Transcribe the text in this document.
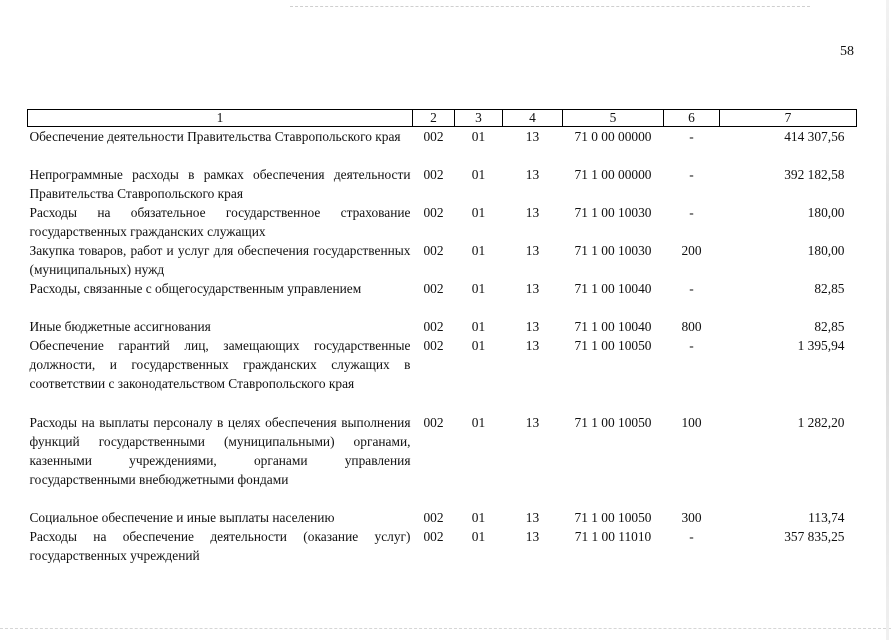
58
1	2	3	4	5	6	7
Обеспечение деятельности Правительства Ставропольского края	002	01	13	71 0 00 00000	-	414 307,56
Непрограммные расходы в рамках обеспечения деятельности Правительства Ставропольского края	002	01	13	71 1 00 00000	-	392 182,58
Расходы на обязательное государственное страхование государственных гражданских служащих	002	01	13	71 1 00 10030	-	180,00
Закупка товаров, работ и услуг для обеспечения государственных (муниципальных) нужд	002	01	13	71 1 00 10030	200	180,00
Расходы, связанные с общегосударственным управлением	002	01	13	71 1 00 10040	-	82,85
Иные бюджетные ассигнования	002	01	13	71 1 00 10040	800	82,85
Обеспечение гарантий лиц, замещающих государственные должности, и государственных гражданских служащих в соответствии с законодательством Ставропольского края	002	01	13	71 1 00 10050	-	1 395,94
Расходы на выплаты персоналу в целях обеспечения выполнения функций государственными (муниципальными) органами, казенными учреждениями, органами управления государственными внебюджетными фондами	002	01	13	71 1 00 10050	100	1 282,20
Социальное обеспечение и иные выплаты населению	002	01	13	71 1 00 10050	300	113,74
Расходы на обеспечение деятельности (оказание услуг) государственных учреждений	002	01	13	71 1 00 11010	-	357 835,25
